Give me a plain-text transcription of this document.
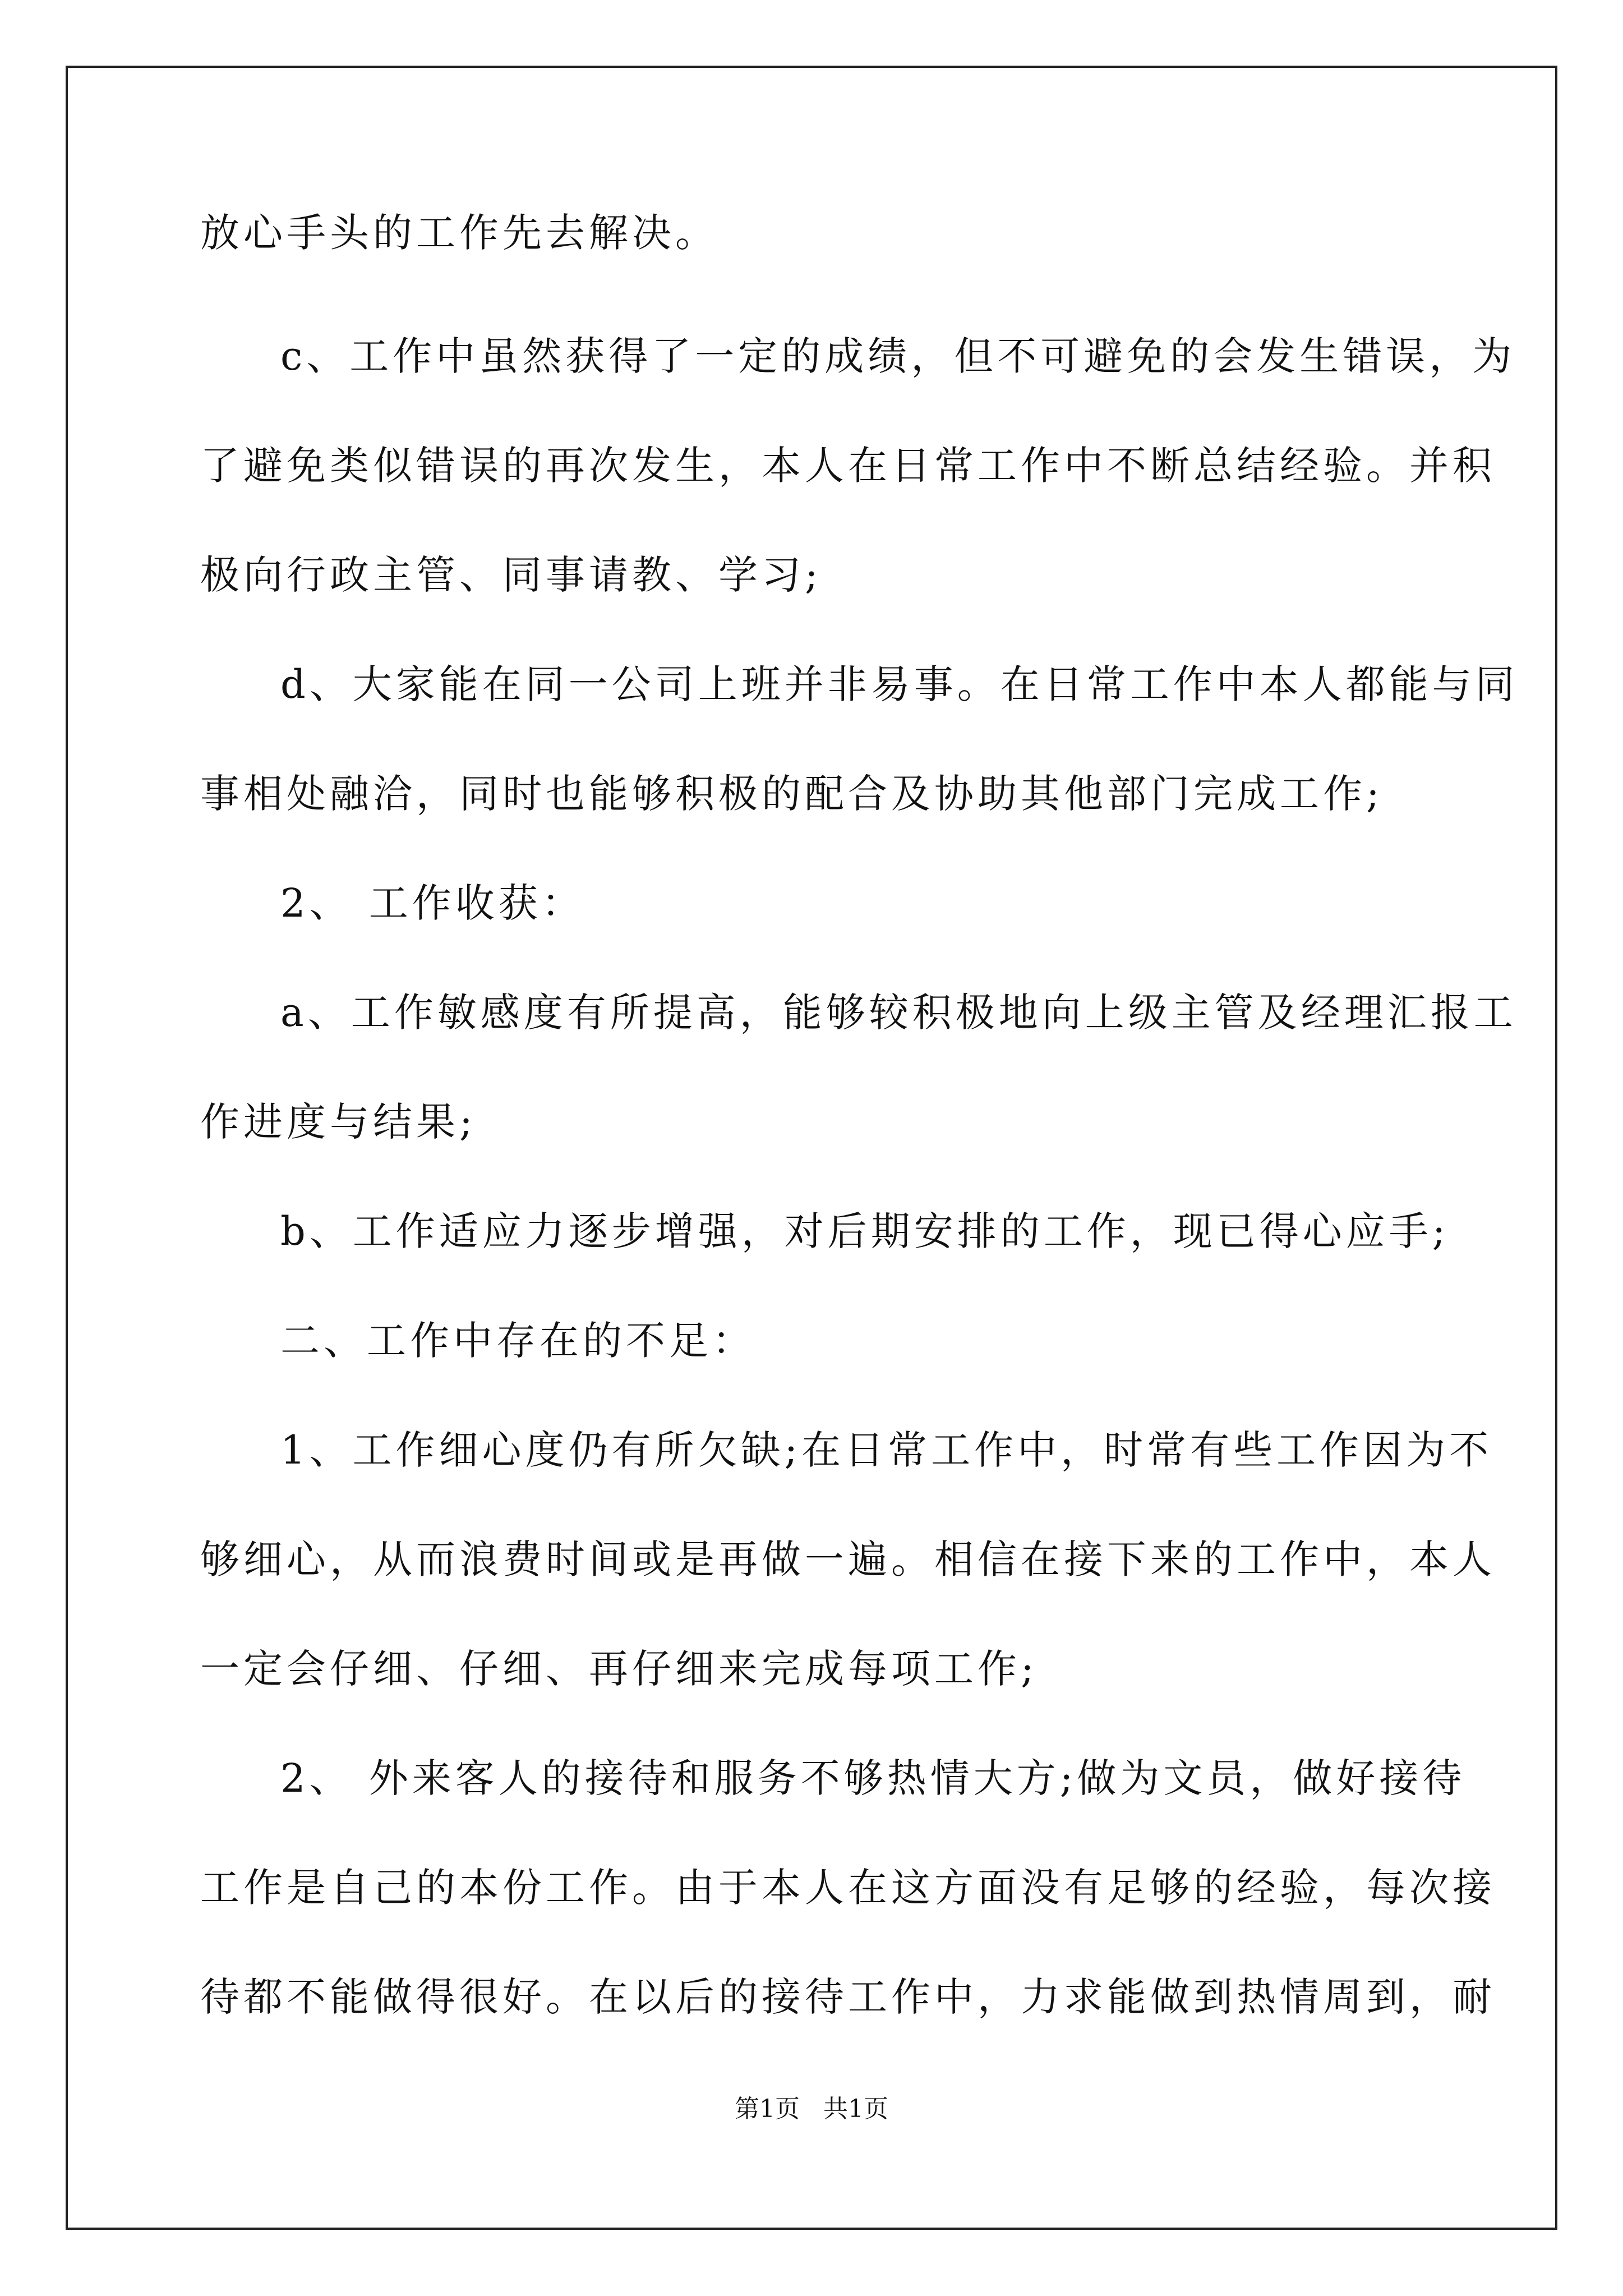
放心手头的工作先去解决。
c、工作中虽然获得了一定的成绩，但不可避免的会发生错误，为
了避免类似错误的再次发生，本人在日常工作中不断总结经验。并积
极向行政主管、同事请教、学习;
d、大家能在同一公司上班并非易事。在日常工作中本人都能与同
事相处融洽，同时也能够积极的配合及协助其他部门完成工作;
2、 工作收获：
a、工作敏感度有所提高，能够较积极地向上级主管及经理汇报工
作进度与结果;
b、工作适应力逐步增强，对后期安排的工作，现已得心应手;
二、工作中存在的不足：
1、工作细心度仍有所欠缺;在日常工作中，时常有些工作因为不
够细心，从而浪费时间或是再做一遍。相信在接下来的工作中，本人
一定会仔细、仔细、再仔细来完成每项工作;
2、 外来客人的接待和服务不够热情大方;做为文员，做好接待
工作是自己的本份工作。由于本人在这方面没有足够的经验，每次接
待都不能做得很好。在以后的接待工作中，力求能做到热情周到，耐
第1页   共1页
